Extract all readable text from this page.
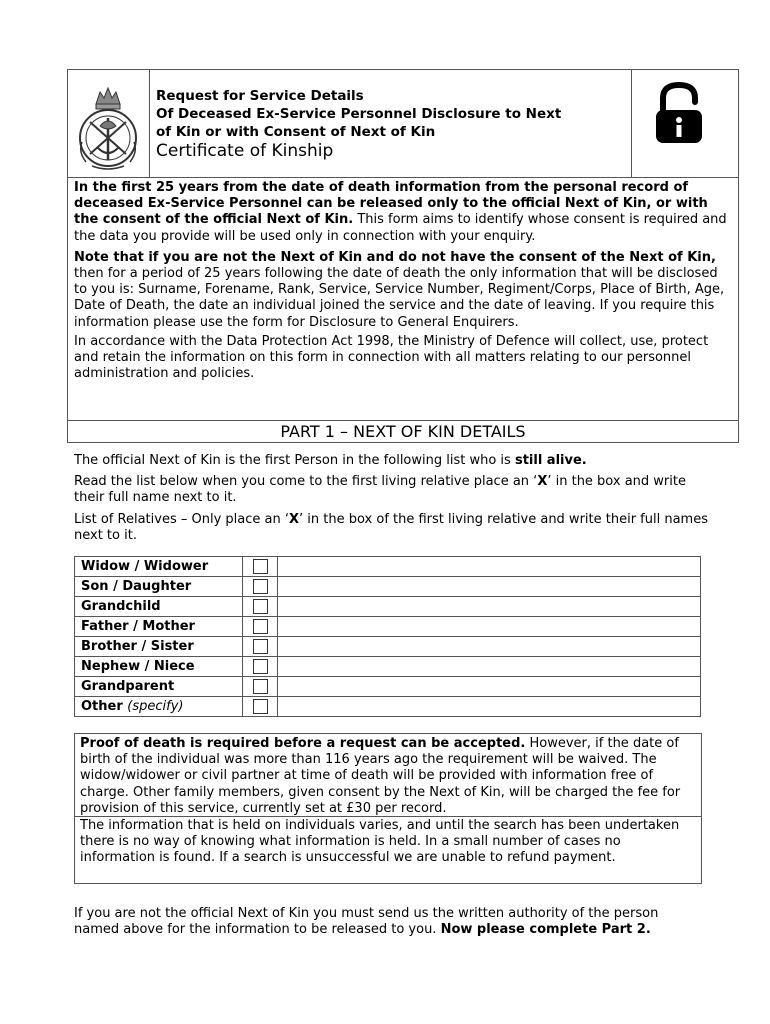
Request for Service Details
Of Deceased Ex-Service Personnel Disclosure to Next
of Kin or with Consent of Next of Kin
Certificate of Kinship

In the first 25 years from the date of death information from the personal record of deceased Ex-Service Personnel can be released only to the official Next of Kin, or with the consent of the official Next of Kin. This form aims to identify whose consent is required and the data you provide will be used only in connection with your enquiry.

Note that if you are not the Next of Kin and do not have the consent of the Next of Kin, then for a period of 25 years following the date of death the only information that will be disclosed to you is: Surname, Forename, Rank, Service, Service Number, Regiment/Corps, Place of Birth, Age, Date of Death, the date an individual joined the service and the date of leaving. If you require this information please use the form for Disclosure to General Enquirers.

In accordance with the Data Protection Act 1998, the Ministry of Defence will collect, use, protect and retain the information on this form in connection with all matters relating to our personnel administration and policies.

PART 1 – NEXT OF KIN DETAILS

The official Next of Kin is the first Person in the following list who is still alive.

Read the list below when you come to the first living relative place an ‘X’ in the box and write their full name next to it.

List of Relatives – Only place an ‘X’ in the box of the first living relative and write their full names next to it.

Widow / Widower		
Son / Daughter		
Grandchild		
Father / Mother		
Brother / Sister		
Nephew / Niece		
Grandparent		
Other (specify)		

Proof of death is required before a request can be accepted. However, if the date of birth of the individual was more than 116 years ago the requirement will be waived. The widow/widower or civil partner at time of death will be provided with information free of charge. Other family members, given consent by the Next of Kin, will be charged the fee for provision of this service, currently set at £30 per record.

The information that is held on individuals varies, and until the search has been undertaken there is no way of knowing what information is held. In a small number of cases no information is found. If a search is unsuccessful we are unable to refund payment.

If you are not the official Next of Kin you must send us the written authority of the person named above for the information to be released to you. Now please complete Part 2.
